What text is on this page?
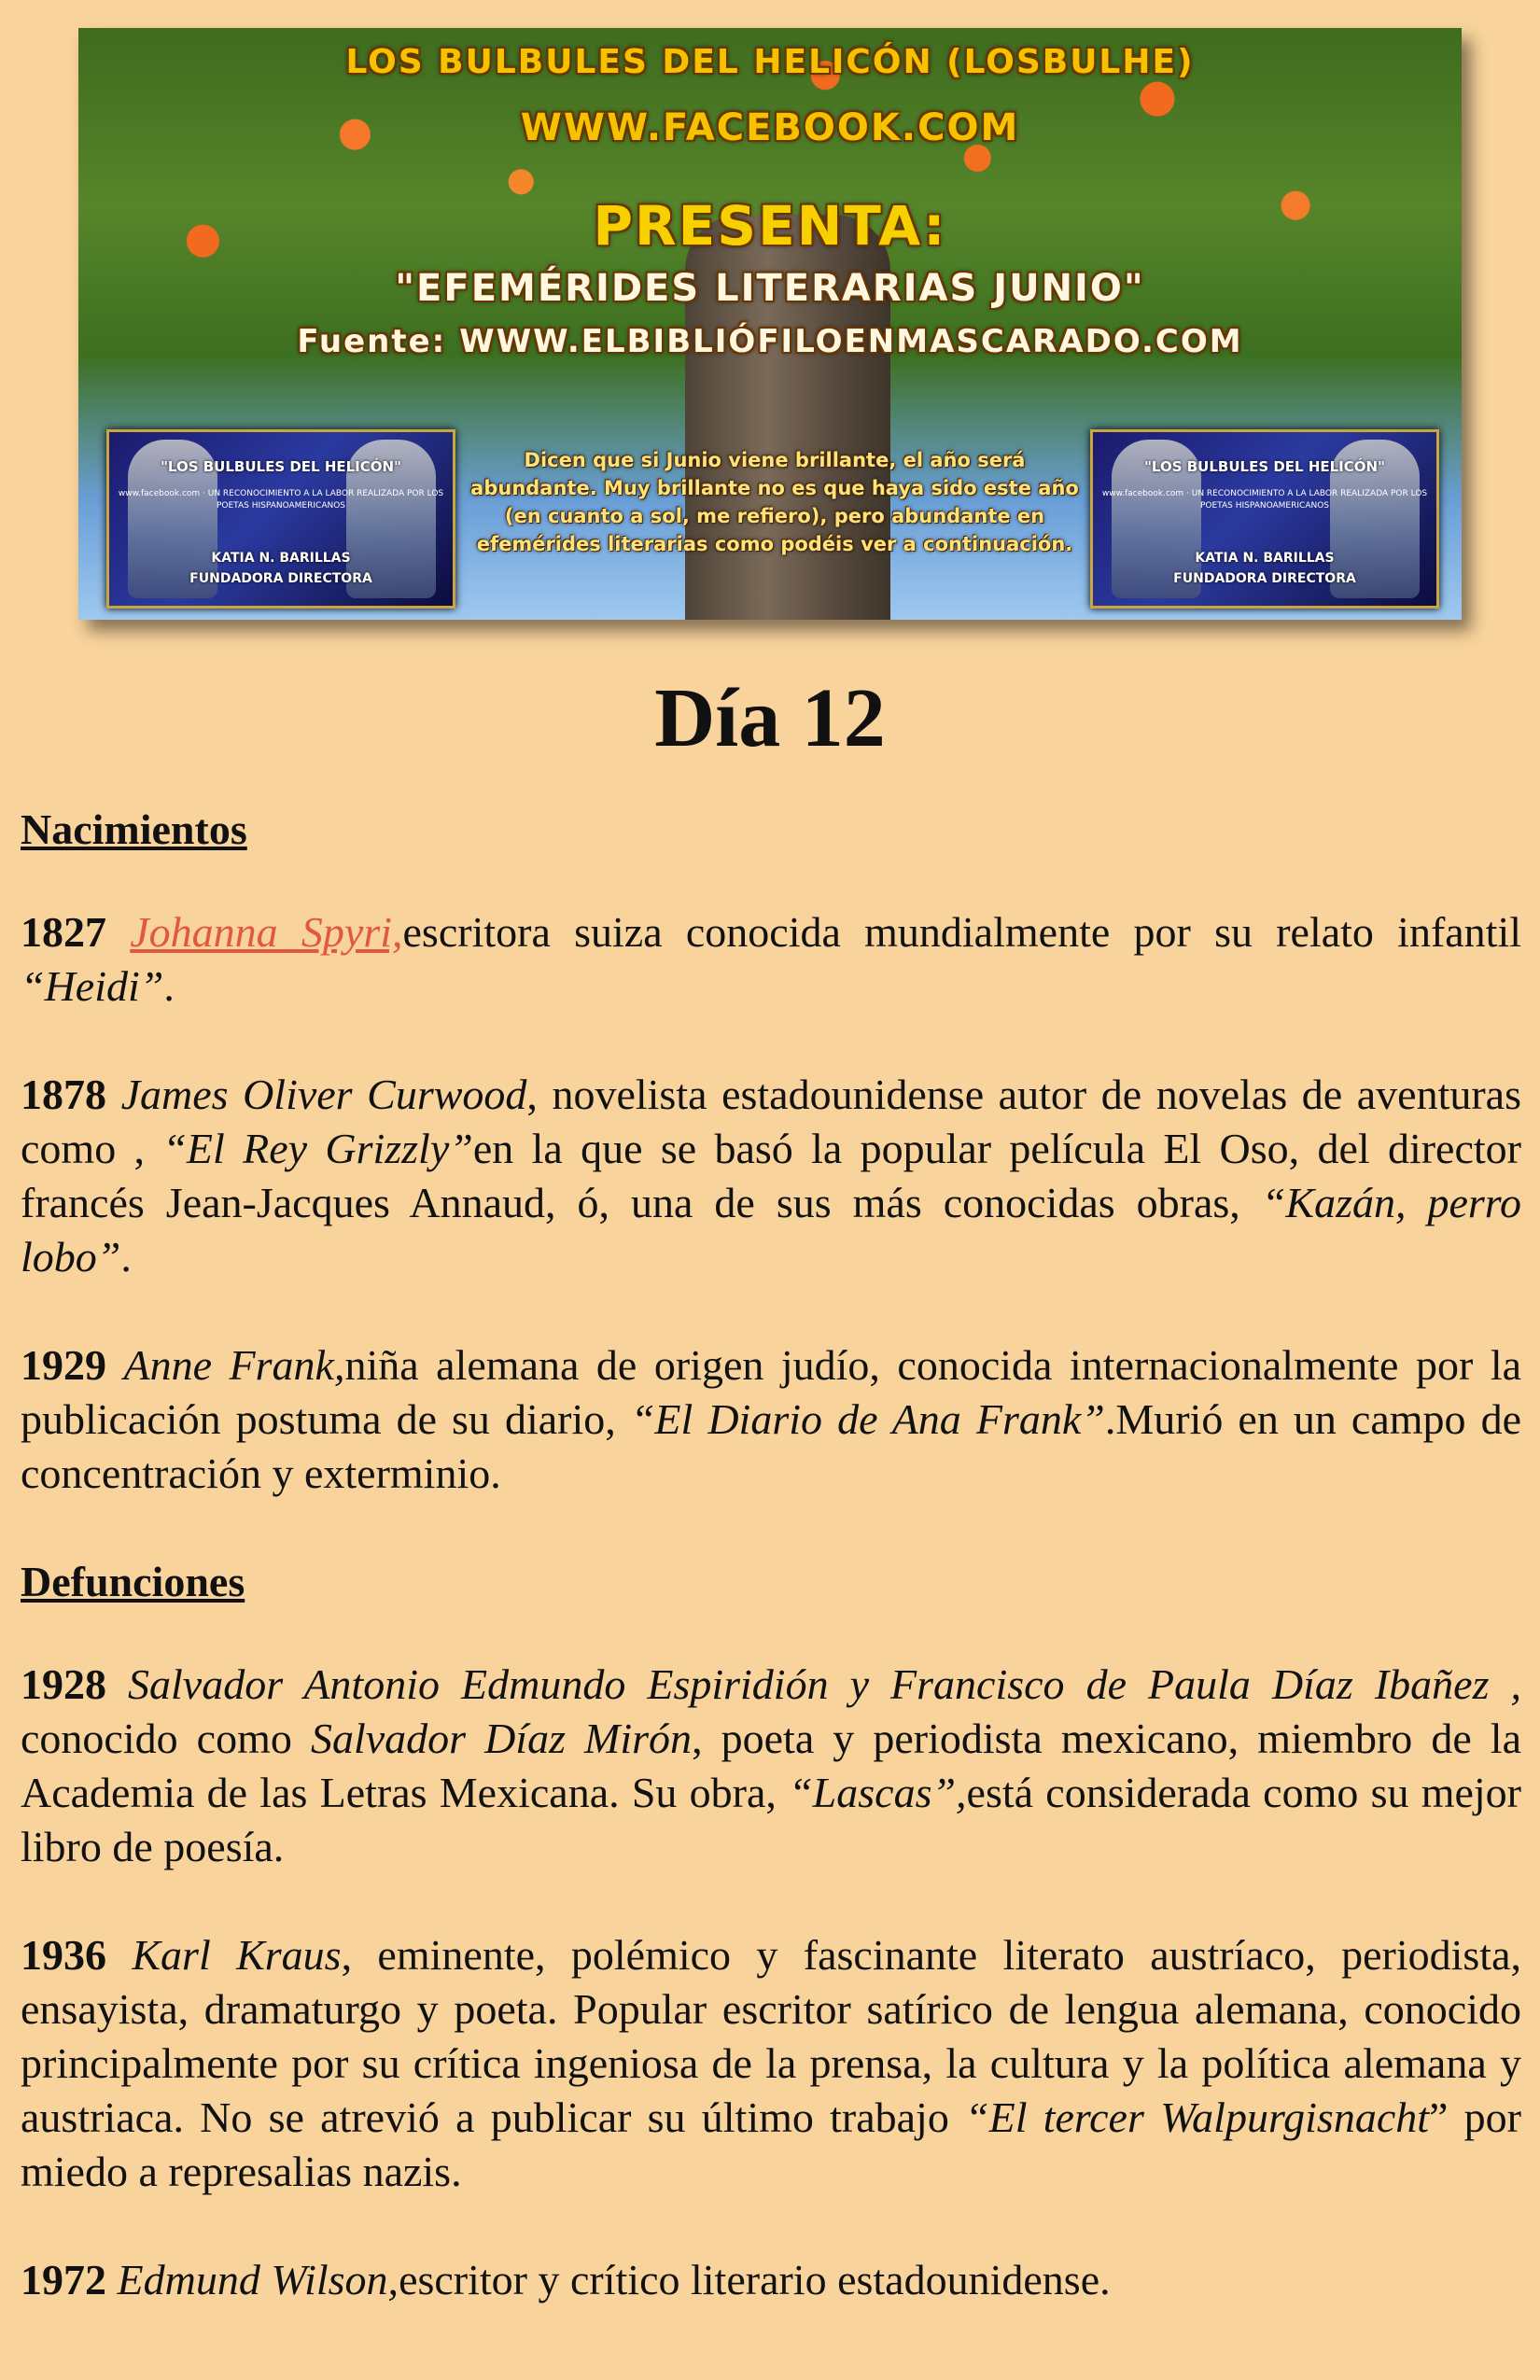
LOS BULBULES DEL HELICÓN (LOSBULHE)
WWW.FACEBOOK.COM
PRESENTA:
"EFEMÉRIDES LITERARIAS JUNIO"
Fuente: WWW.ELBIBLIÓFILOENMASCARADO.COM
"LOS BULBULES DEL HELICÓN"
www.facebook.com · UN RECONOCIMIENTO A LA LABOR REALIZADA POR LOS POETAS HISPANOAMERICANOS
KATIA N. BARILLAS
FUNDADORA DIRECTORA
Dicen que si Junio viene brillante, el año será abundante. Muy brillante no es que haya sido este año (en cuanto a sol, me refiero), pero abundante en efemérides literarias como podéis ver a continuación.
"LOS BULBULES DEL HELICÓN"
www.facebook.com · UN RECONOCIMIENTO A LA LABOR REALIZADA POR LOS POETAS HISPANOAMERICANOS
KATIA N. BARILLAS
FUNDADORA DIRECTORA
Día 12

Nacimientos

1827 Johanna Spyri,escritora suiza conocida mundialmente por su relato infantil “Heidi”.

1878 James Oliver Curwood, novelista estadounidense autor de novelas de aventuras como , “El Rey Grizzly”en la que se basó la popular película El Oso, del director francés Jean-Jacques Annaud, ó, una de sus más conocidas obras, “Kazán, perro lobo”.

1929 Anne Frank,niña alemana de origen judío, conocida internacionalmente por la publicación postuma de su diario, “El Diario de Ana Frank”.Murió en un campo de concentración y exterminio.

Defunciones

1928 Salvador Antonio Edmundo Espiridión y Francisco de Paula Díaz Ibañez , conocido como Salvador Díaz Mirón, poeta y periodista mexicano, miembro de la Academia de las Letras Mexicana. Su obra, “Lascas”,está considerada como su mejor libro de poesía.

1936 Karl Kraus, eminente, polémico y fascinante literato austríaco, periodista, ensayista, dramaturgo y poeta. Popular escritor satírico de lengua alemana, conocido principalmente por su crítica ingeniosa de la prensa, la cultura y la política alemana y austriaca. No se atrevió a publicar su último trabajo “El tercer Walpurgisnacht” por miedo a represalias nazis.

1972 Edmund Wilson,escritor y crítico literario estadounidense.
